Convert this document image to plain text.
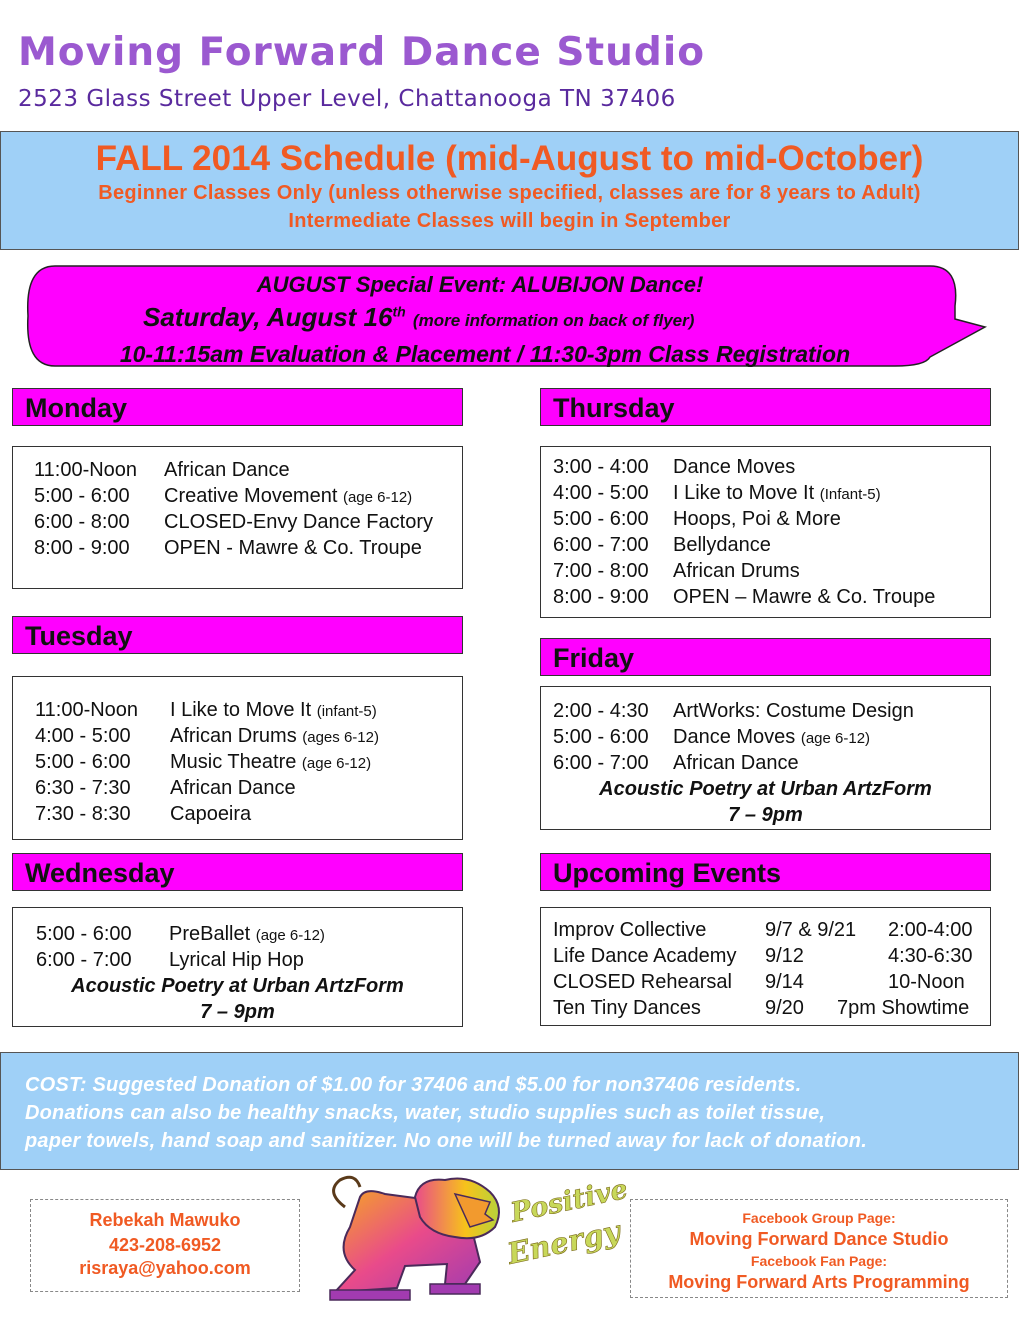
Moving Forward Dance Studio
2523 Glass Street Upper Level, Chattanooga TN 37406
FALL 2014 Schedule (mid-August to mid-October)
Beginner Classes Only (unless otherwise specified, classes are for 8 years to Adult)
Intermediate Classes will begin in September
AUGUST Special Event: ALUBIJON Dance!
Saturday, August 16th (more information on back of flyer)
10-11:15am Evaluation & Placement / 11:30-3pm Class Registration
Monday
11:00-Noon African Dance
5:00 - 6:00 Creative Movement (age 6-12)
6:00 - 8:00 CLOSED-Envy Dance Factory
8:00 - 9:00 OPEN - Mawre & Co. Troupe
Tuesday
11:00-Noon I Like to Move It (infant-5)
4:00 - 5:00 African Drums (ages 6-12)
5:00 - 6:00 Music Theatre (age 6-12)
6:30 - 7:30 African Dance
7:30 - 8:30 Capoeira
Wednesday
5:00 - 6:00 PreBallet (age 6-12)
6:00 - 7:00 Lyrical Hip Hop
Acoustic Poetry at Urban ArtzForm
7 – 9pm
Thursday
3:00 - 4:00 Dance Moves
4:00 - 5:00 I Like to Move It (Infant-5)
5:00 - 6:00 Hoops, Poi & More
6:00 - 7:00 Bellydance
7:00 - 8:00 African Drums
8:00 - 9:00 OPEN – Mawre & Co. Troupe
Friday
2:00 - 4:30 ArtWorks: Costume Design
5:00 - 6:00 Dance Moves (age 6-12)
6:00 - 7:00 African Dance
Acoustic Poetry at Urban ArtzForm
7 – 9pm
Upcoming Events
Improv Collective	9/7 & 9/21 2:00-4:00
Life Dance Academy 9/12	4:30-6:30
CLOSED Rehearsal 9/14	10-Noon
Ten Tiny Dances	9/20 7pm Showtime
COST: Suggested Donation of $1.00 for 37406 and $5.00 for non37406 residents.
Donations can also be healthy snacks, water, studio supplies such as toilet tissue,
paper towels, hand soap and sanitizer. No one will be turned away for lack of donation.
Rebekah Mawuko
423-208-6952
risraya@yahoo.com
Positive
Energy	Facebook Group Page:
Moving Forward Dance Studio
Facebook Fan Page:
Moving Forward Arts Programming
